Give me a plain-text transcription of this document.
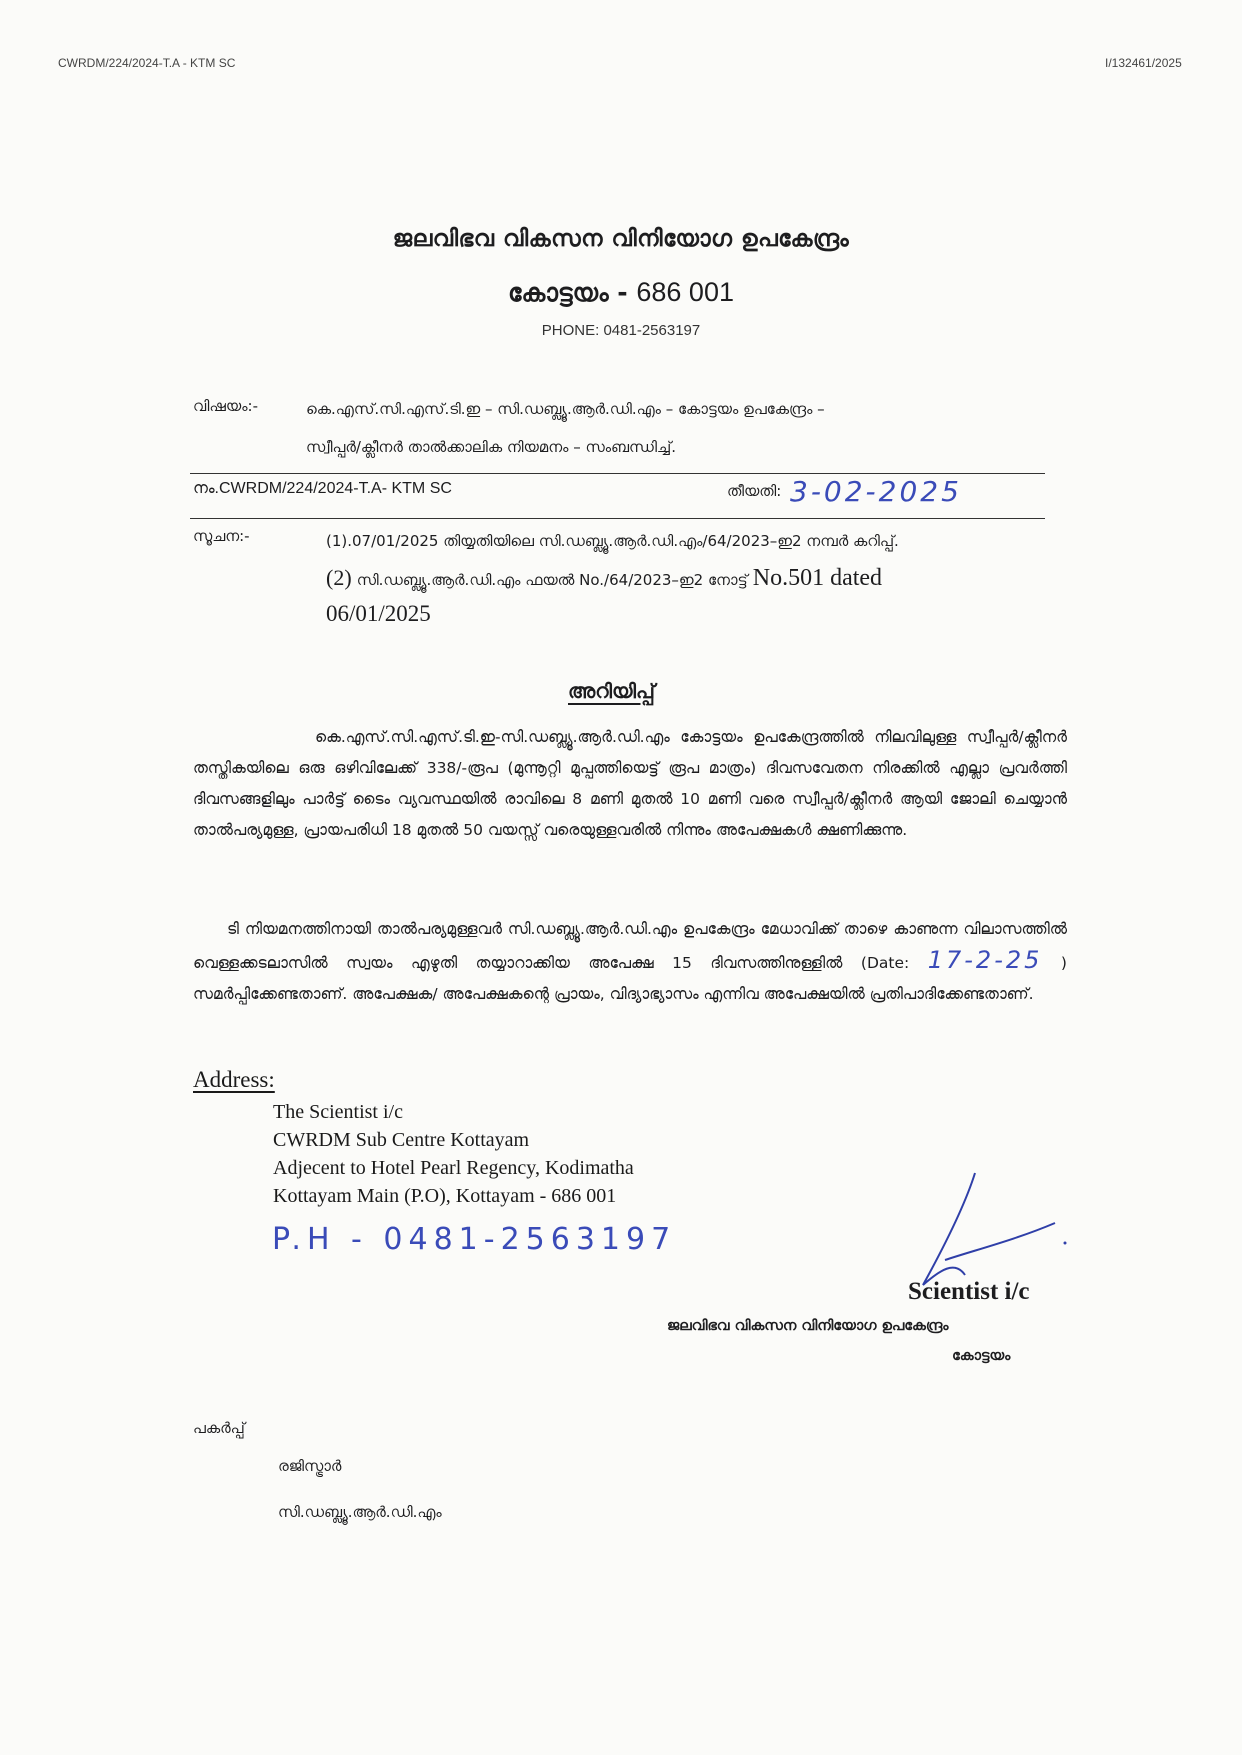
CWRDM/224/2024-T.A - KTM SC	I/132461/2025
ജലവിഭവ വികസന വിനിയോഗ ഉപകേന്ദ്രം
കോട്ടയം - 686 001
PHONE: 0481-2563197
വിഷയം:-	കെ.എസ്.സി.എസ്.ടി.ഇ – സി.ഡബ്ല്യൂ.ആർ.ഡി.എം – കോട്ടയം ഉപകേന്ദ്രം –
സ്വീപ്പർ/ക്ലീനർ താൽക്കാലിക നിയമനം – സംബന്ധിച്ച്.
നം.CWRDM/224/2024-T.A- KTM SC	തീയതി: 3-02-2025
സൂചന:-	(1).07/01/2025 തിയ്യതിയിലെ സി.ഡബ്ല്യൂ.ആർ.ഡി.എം/64/2023–ഇ2 നമ്പർ കറിപ്പ്.
(2) സി.ഡബ്ല്യൂ.ആർ.ഡി.എം ഫയൽ No./64/2023–ഇ2 നോട്ട് No.501 dated
06/01/2025
അറിയിപ്പ്
കെ.എസ്.സി.എസ്.ടി.ഇ-സി.ഡബ്ല്യൂ.ആർ.ഡി.എം കോട്ടയം ഉപകേന്ദ്രത്തിൽ നിലവിലുള്ള സ്വീപ്പർ/ക്ലീനർ തസ്തികയിലെ ഒരു ഒഴിവിലേക്ക് 338/-രൂപ (മുന്നൂറ്റി മുപ്പത്തിയെട്ട് രൂപ മാത്രം) ദിവസവേതന നിരക്കിൽ എല്ലാ പ്രവർത്തി ദിവസങ്ങളിലും പാർട്ട് ടൈം വ്യവസ്ഥയിൽ രാവിലെ 8 മണി മുതൽ 10 മണി വരെ സ്വീപ്പർ/ക്ലീനർ ആയി ജോലി ചെയ്യാൻ താൽപര്യമുള്ള, പ്രായപരിധി 18 മുതൽ 50 വയസ്സ് വരെയുള്ളവരിൽ നിന്നും അപേക്ഷകൾ ക്ഷണിക്കുന്നു.
ടി നിയമനത്തിനായി താൽപര്യമുള്ളവർ സി.ഡബ്ല്യൂ.ആർ.ഡി.എം ഉപകേന്ദ്രം മേധാവിക്ക് താഴെ കാണുന്ന വിലാസത്തിൽ വെള്ളക്കടലാസിൽ സ്വയം എഴുതി തയ്യാറാക്കിയ അപേക്ഷ 15 ദിവസത്തിനുള്ളിൽ (Date: 17-2-25 ) സമർപ്പിക്കേണ്ടതാണ്. അപേക്ഷക/ അപേക്ഷകന്റെ പ്രായം, വിദ്യാഭ്യാസം എന്നിവ അപേക്ഷയിൽ പ്രതിപാദിക്കേണ്ടതാണ്.
Address:
The Scientist i/c
CWRDM Sub Centre Kottayam
Adjecent to Hotel Pearl Regency, Kodimatha
Kottayam Main (P.O), Kottayam - 686 001
P.H - 0481-2563197
Scientist i/c
ജലവിഭവ വികസന വിനിയോഗ ഉപകേന്ദ്രം
കോട്ടയം
പകർപ്പ്
രജിസ്ട്രാർ
സി.ഡബ്ല്യൂ.ആർ.ഡി.എം
